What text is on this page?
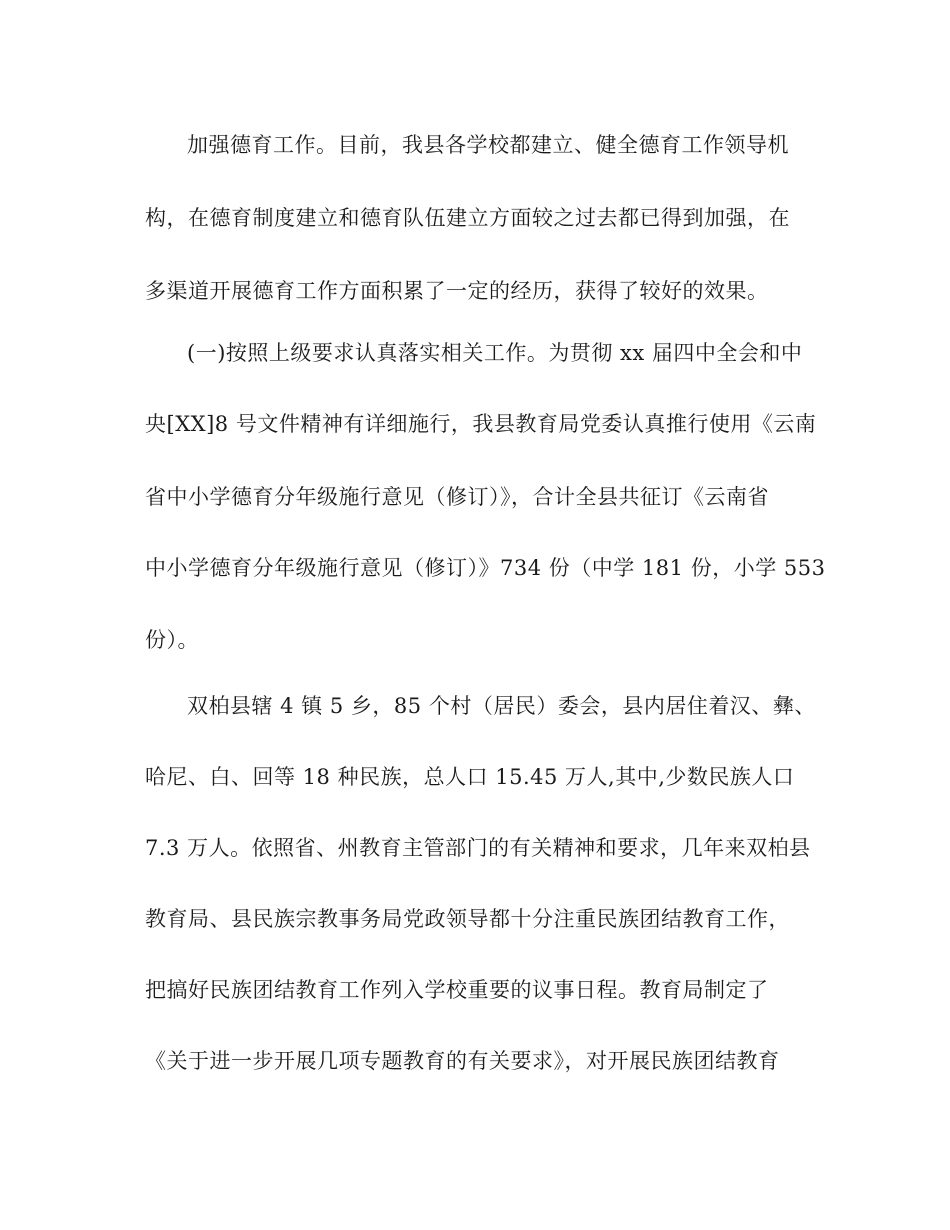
加强德育工作。目前，我县各学校都建立、健全德育工作领导机
构，在德育制度建立和德育队伍建立方面较之过去都已得到加强，在
多渠道开展德育工作方面积累了一定的经历，获得了较好的效果。
(一)按照上级要求认真落实相关工作。为贯彻 xx 届四中全会和中
央[XX]8 号文件精神有详细施行，我县教育局党委认真推行使用《云南
省中小学德育分年级施行意见（修订）》，合计全县共征订《云南省
中小学德育分年级施行意见（修订）》734 份（中学 181 份，小学 553
份）。
双柏县辖 4 镇 5 乡，85 个村（居民）委会，县内居住着汉、彝、
哈尼、白、回等 18 种民族，总人口 15.45 万人,其中,少数民族人口
7.3 万人。依照省、州教育主管部门的有关精神和要求，几年来双柏县
教育局、县民族宗教事务局党政领导都十分注重民族团结教育工作，
把搞好民族团结教育工作列入学校重要的议事日程。教育局制定了
《关于进一步开展几项专题教育的有关要求》，对开展民族团结教育
